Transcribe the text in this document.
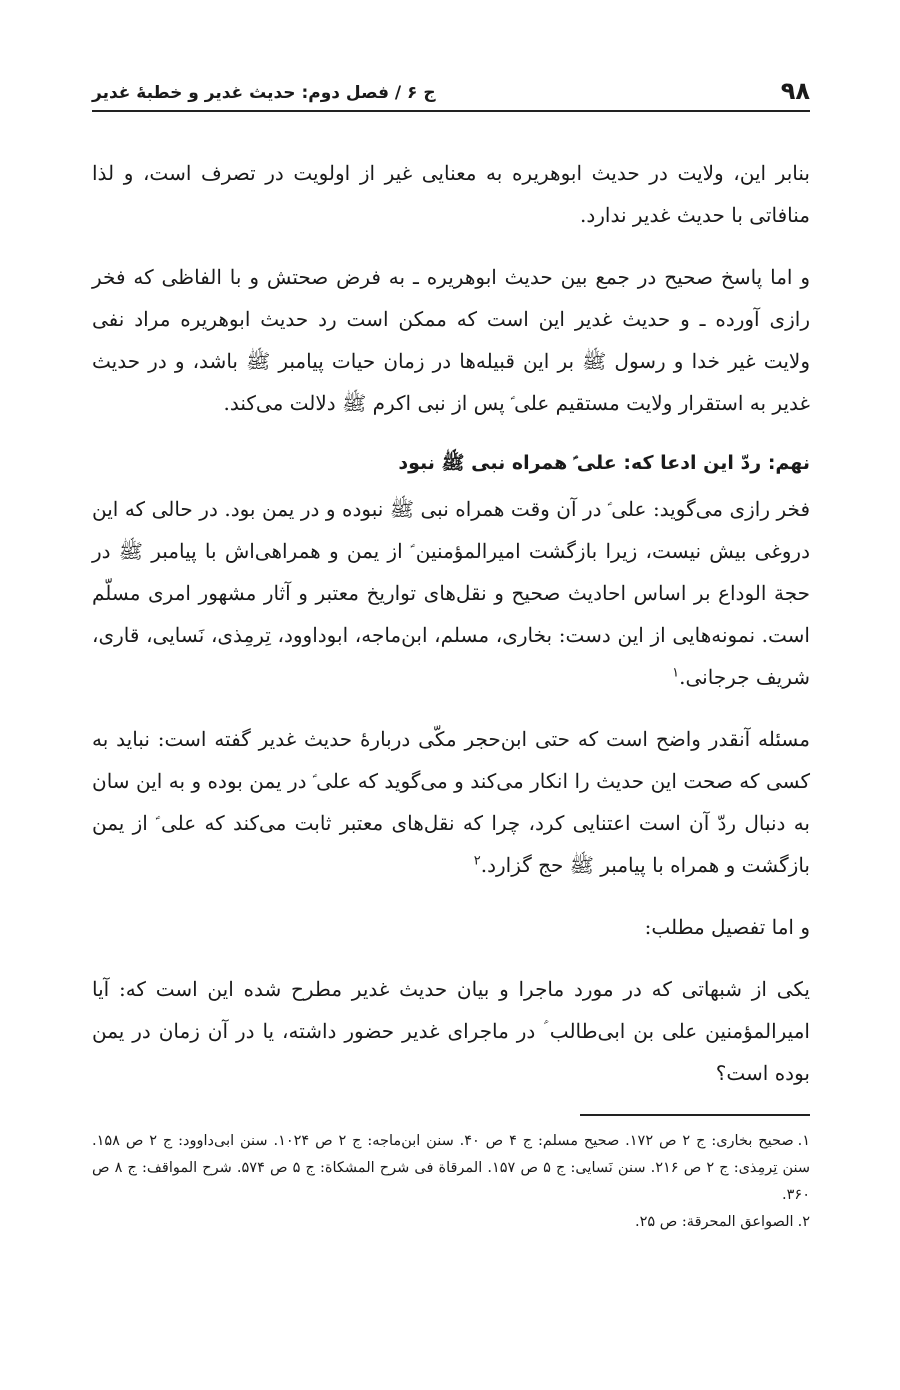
۹۸
ج ۶ / فصل دوم: حدیث غدیر و خطبهٔ غدیر

بنابر این، ولایت در حدیث ابوهریره به معنایی غیر از اولویت در تصرف است، و لذا منافاتی با حدیث غدیر ندارد.

و اما پاسخ صحیح در جمع بین حدیث ابوهریره ـ به فرض صحتش و با الفاظی که فخر رازی آورده ـ و حدیث غدیر این است که ممکن است رد حدیث ابوهریره مراد نفی ولایت غیر خدا و رسول ﷺ بر این قبیله‌ها در زمان حیات پیامبر ﷺ باشد، و در حدیث غدیر به استقرار ولایت مستقیم علی ؑ پس از نبی اکرم ﷺ دلالت می‌کند.

نهم: ردّ این ادعا که: علی ؑ همراه نبی ﷺ نبود

فخر رازی می‌گوید: علی ؑ در آن وقت همراه نبی ﷺ نبوده و در یمن بود. در حالی که این دروغی بیش نیست، زیرا بازگشت امیرالمؤمنین ؑ از یمن و همراهی‌اش با پیامبر ﷺ در حجة الوداع بر اساس احادیث صحیح و نقل‌های تواریخ معتبر و آثار مشهور امری مسلّم است. نمونه‌هایی از این دست: بخاری، مسلم، ابن‌ماجه، ابوداوود، تِرمِذی، نَسایی، قاری، شریف جرجانی.$^۱$

مسئله آنقدر واضح است که حتی ابن‌حجر مکّی دربارهٔ حدیث غدیر گفته است: نباید به کسی که صحت این حدیث را انکار می‌کند و می‌گوید که علی ؑ در یمن بوده و به این سان به دنبال ردّ آن است اعتنایی کرد، چرا که نقل‌های معتبر ثابت می‌کند که علی ؑ از یمن بازگشت و همراه با پیامبر ﷺ حج گزارد.$^۲$

و اما تفصیل مطلب:

یکی از شبهاتی که در مورد ماجرا و بیان حدیث غدیر مطرح شده این است که: آیا امیرالمؤمنین علی بن ابی‌طالب ؑ در ماجرای غدیر حضور داشته، یا در آن زمان در یمن بوده است؟

۱.صحیح بخاری: ج ۲ ص ۱۷۲. صحیح مسلم: ج ۴ ص ۴۰. سنن ابن‌ماجه: ج ۲ ص ۱۰۲۴. سنن ابی‌داوود: ج ۲ ص ۱۵۸. سنن تِرمِذی: ج ۲ ص ۲۱۶. سنن نَسایی: ج ۵ ص ۱۵۷. المرقاة فی شرح المشکاة: ج ۵ ص ۵۷۴. شرح المواقف: ج ۸ ص ۳۶۰.

۲.الصواعق المحرقة: ص ۲۵.
